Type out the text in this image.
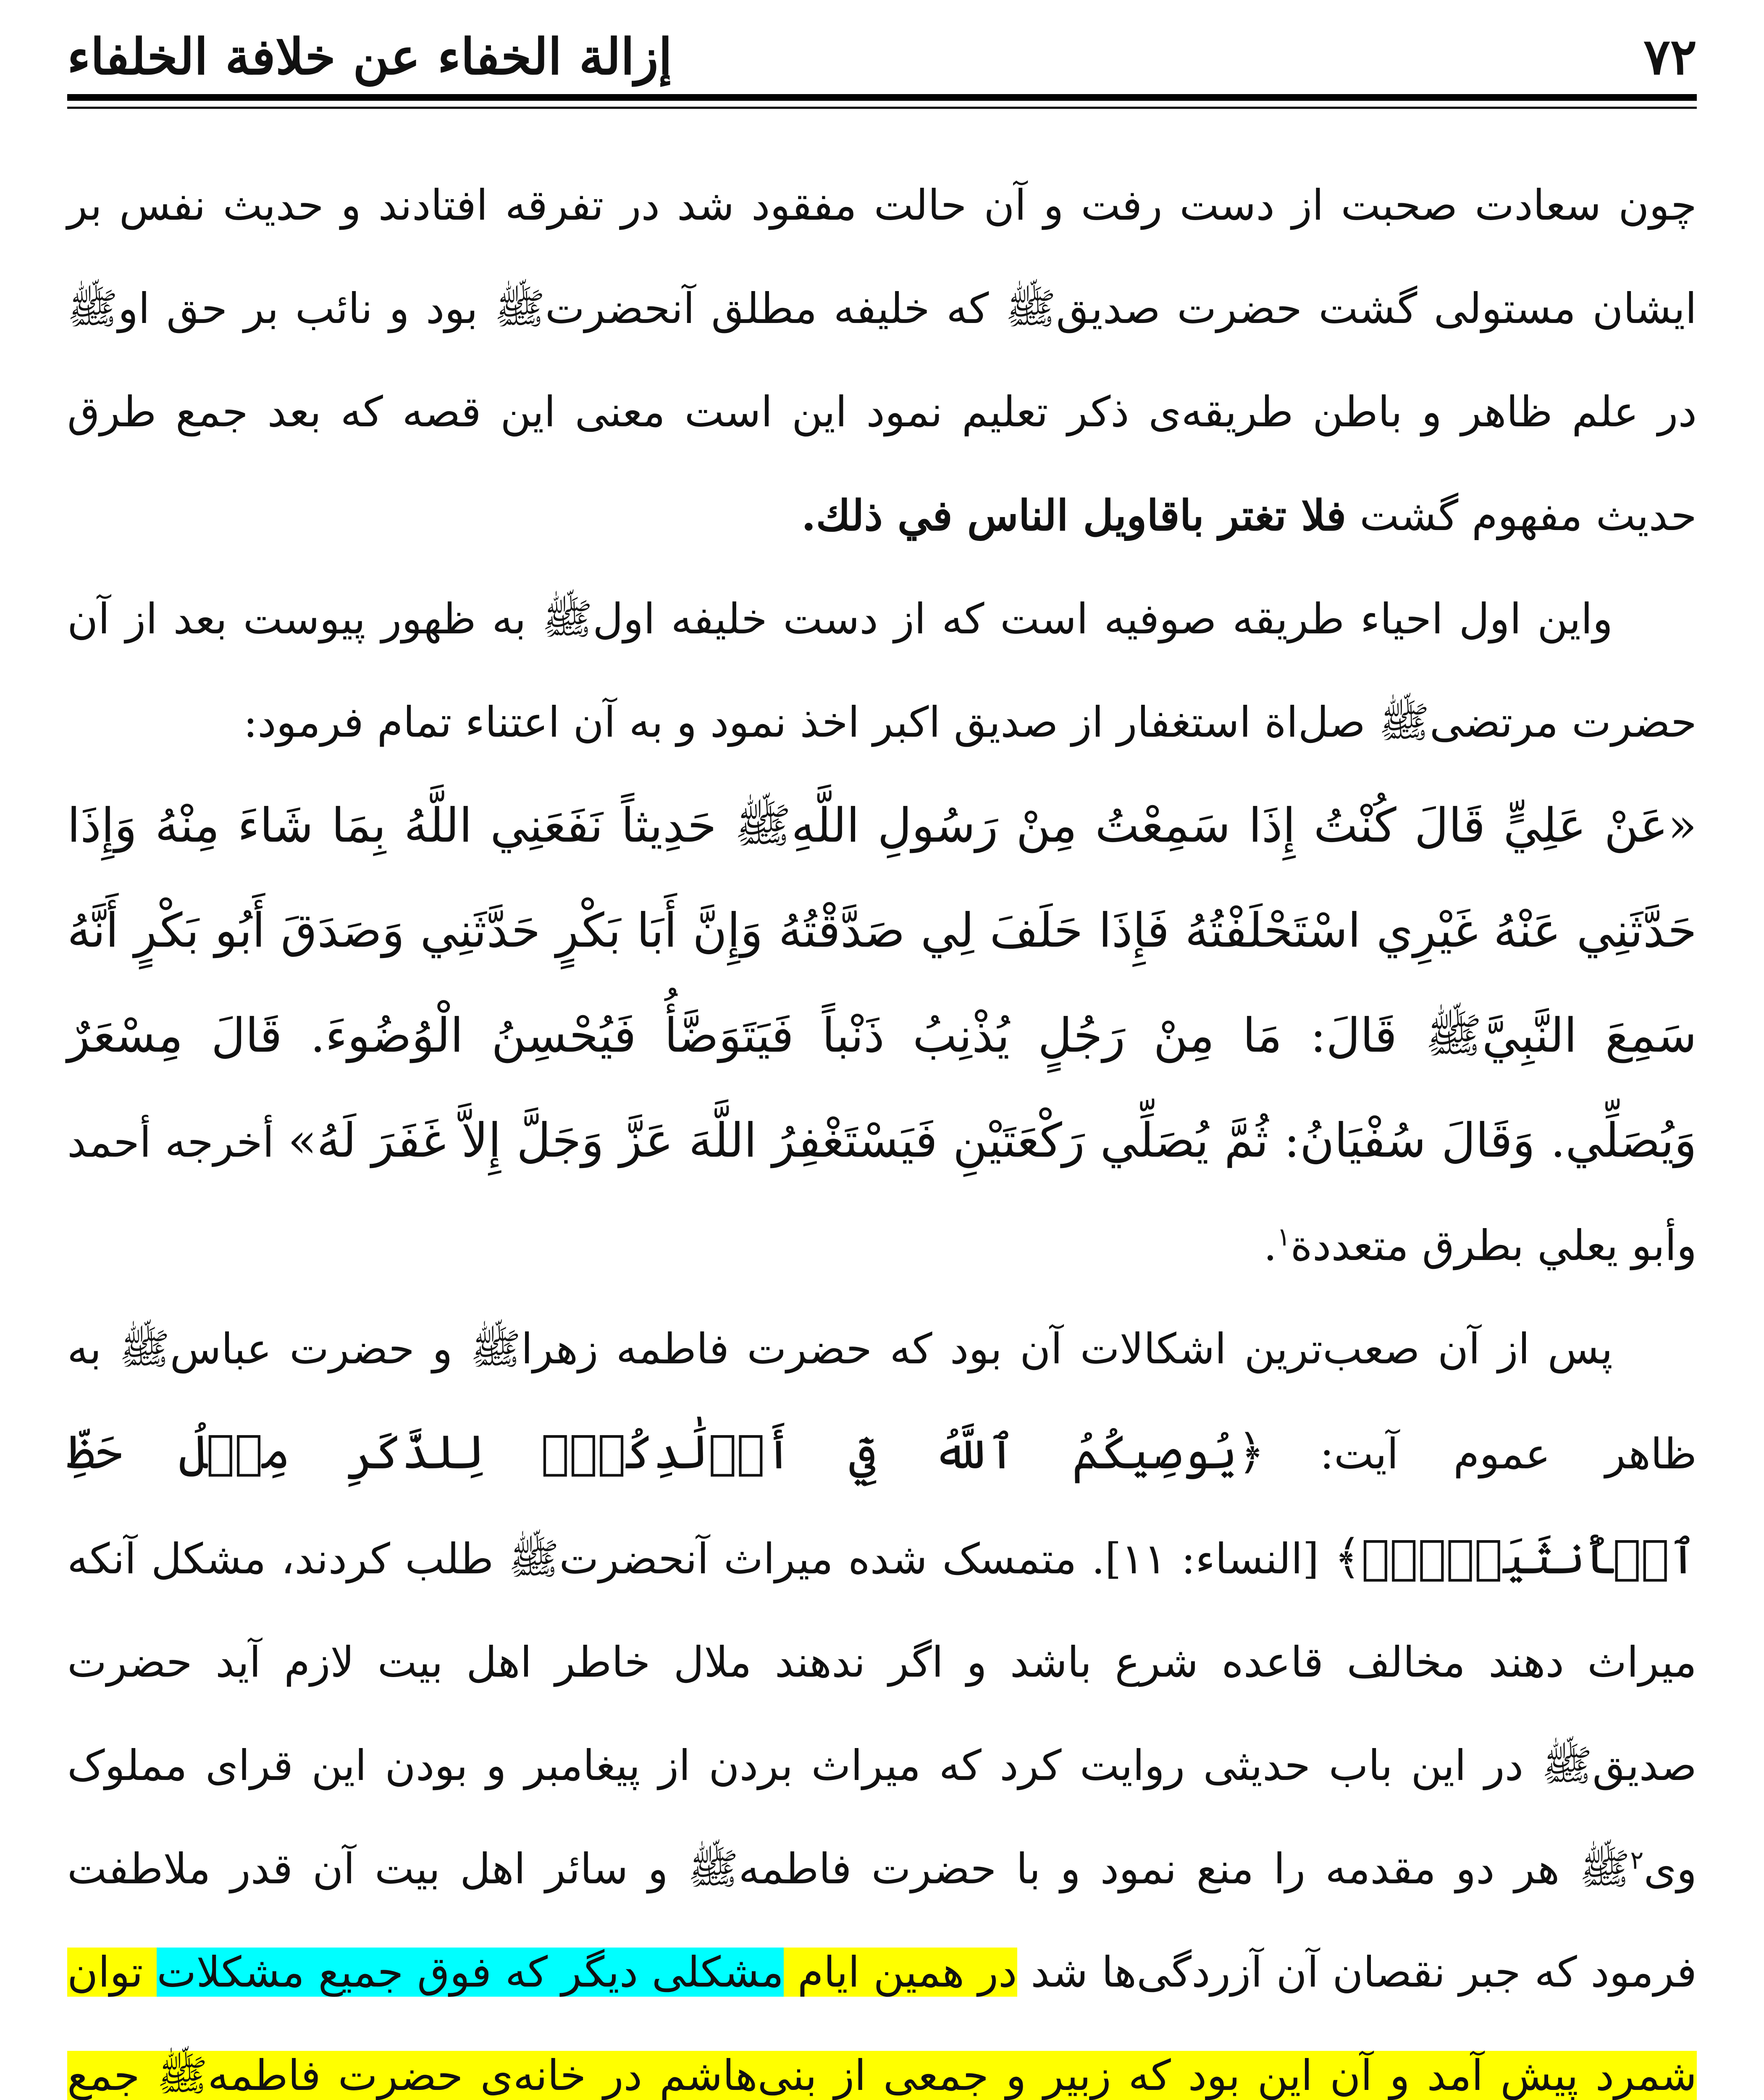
إزالة الخفاء عن خلافة الخلفاء	۷۲

چون سعادت صحبت از دست رفت و آن حالت مفقود شد در تفرقه افتادند و حدیث نفس بر ایشان مستولی گشت حضرت صدیقﷺ که خلیفه مطلق آنحضرتﷺ بود و نائب بر حق اوﷺ در علم ظاهر و باطن طریقه‌ی ذکر تعلیم نمود این است معنی این قصه که بعد جمع طرق حدیث مفهوم گشت فلا تغتر باقاويل الناس في ذلك.

واین اول احیاء طریقه صوفیه است که از دست خلیفه اولﷺ به ظهور پیوست بعد از آن حضرت مرتضیﷺ صل‌اة استغفار از صدیق اکبر اخذ نمود و به آن اعتناء تمام فرمود:

«عَنْ عَلِيٍّ قَالَ كُنْتُ إِذَا سَمِعْتُ مِنْ رَسُولِ اللَّهِﷺ حَدِيثاً نَفَعَنِي اللَّهُ بِمَا شَاءَ مِنْهُ وَإِذَا حَدَّثَنِي عَنْهُ غَيْرِي اسْتَحْلَفْتُهُ فَإِذَا حَلَفَ لِي صَدَّقْتُهُ وَإِنَّ أَبَا بَكْرٍ حَدَّثَنِي وَصَدَقَ أَبُو بَكْرٍ أَنَّهُ سَمِعَ النَّبِيَّﷺ قَالَ: مَا مِنْ رَجُلٍ يُذْنِبُ ذَنْباً فَيَتَوَضَّأُ فَيُحْسِنُ الْوُضُوءَ. قَالَ مِسْعَرٌ وَيُصَلِّي. وَقَالَ سُفْيَانُ: ثُمَّ يُصَلِّي رَكْعَتَيْنِ فَيَسْتَغْفِرُ اللَّهَ عَزَّ وَجَلَّ إِلاَّ غَفَرَ لَهُ» أخرجه أحمد وأبو يعلي بطرق متعددة$^۱$.

پس از آن صعب‌ترین اشکالات آن بود که حضرت فاطمه زهراﷺ و حضرت عباسﷺ به ظاهر عموم آیت: ﴿يُوصِيكُمُ ٱللَّهُ فِيٓ أَوۡلَٰدِكُمۡۖ لِلذَّكَرِ مِثۡلُ حَظِّ ٱلۡأُنثَيَيۡنِۚ﴾ [النساء: ۱۱]. متمسک شده میراث آنحضرتﷺ طلب کردند، مشکل آنکه میراث دهند مخالف قاعده شرع باشد و اگر ندهند ملال خاطر اهل بیت لازم آید حضرت صدیقﷺ در این باب حدیثی روایت کرد که میراث بردن از پیغامبر و بودن این قرای مملوک وی$^۲$ﷺ هر دو مقدمه را منع نمود و با حضرت فاطمهﷺ و سائر اهل بیت آن قدر ملاطفت فرمود که جبر نقصان آن آزردگی‌ها شد در همین ایام مشکلی دیگر که فوق جمیع مشکلات توان شمرد پیش آمد و آن این بود که زبیر و جمعی از بنی‌هاشم در خانه‌ی حضرت فاطمهﷺ جمع
